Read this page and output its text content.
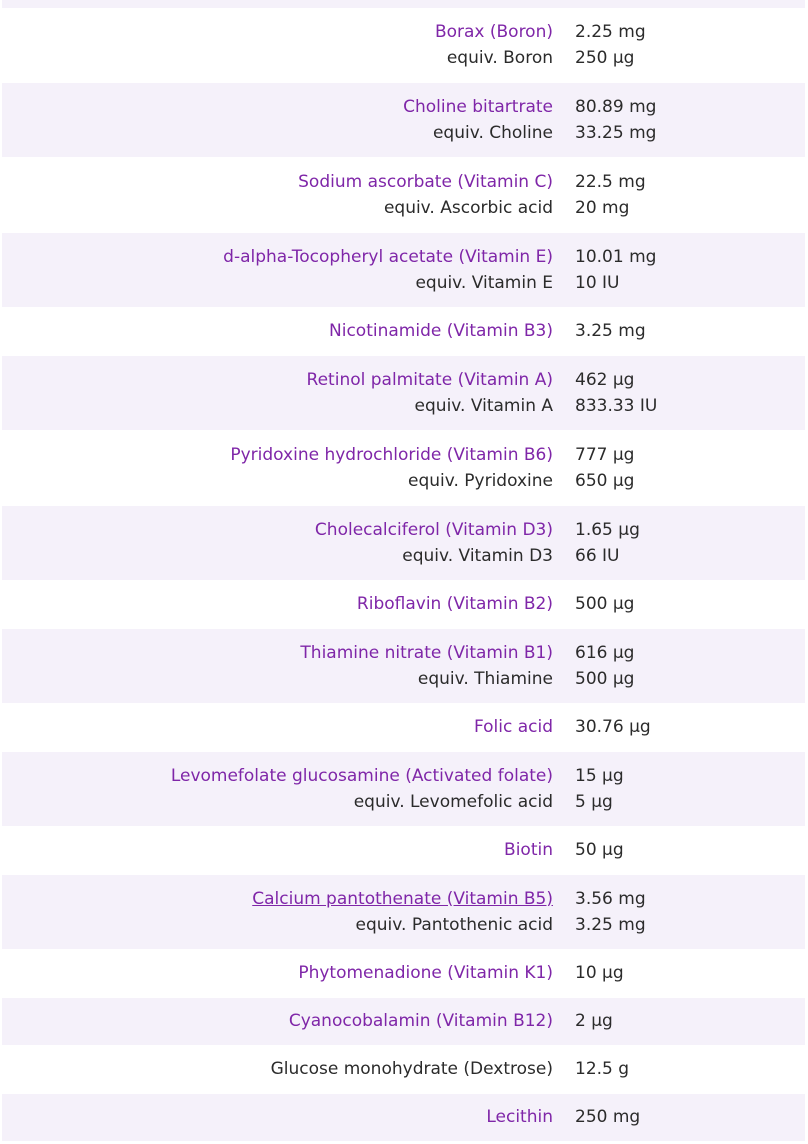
Borax (Boron)
equiv. Boron
2.25 mg
250 µg
Choline bitartrate
equiv. Choline
80.89 mg
33.25 mg
Sodium ascorbate (Vitamin C)
equiv. Ascorbic acid
22.5 mg
20 mg
d-alpha-Tocopheryl acetate (Vitamin E)
equiv. Vitamin E
10.01 mg
10 IU
Nicotinamide (Vitamin B3) 3.25 mg
Retinol palmitate (Vitamin A)
equiv. Vitamin A
462 µg
833.33 IU
Pyridoxine hydrochloride (Vitamin B6)
equiv. Pyridoxine
777 µg
650 µg
Cholecalciferol (Vitamin D3)
equiv. Vitamin D3
1.65 µg
66 IU
Riboflavin (Vitamin B2) 500 µg
Thiamine nitrate (Vitamin B1)
equiv. Thiamine
616 µg
500 µg
Folic acid 30.76 µg
Levomefolate glucosamine (Activated folate)
equiv. Levomefolic acid
15 µg
5 µg
Biotin 50 µg
Calcium pantothenate (Vitamin B5)
equiv. Pantothenic acid
3.56 mg
3.25 mg
Phytomenadione (Vitamin K1) 10 µg
Cyanocobalamin (Vitamin B12) 2 µg
Glucose monohydrate (Dextrose) 12.5 g
Lecithin 250 mg
